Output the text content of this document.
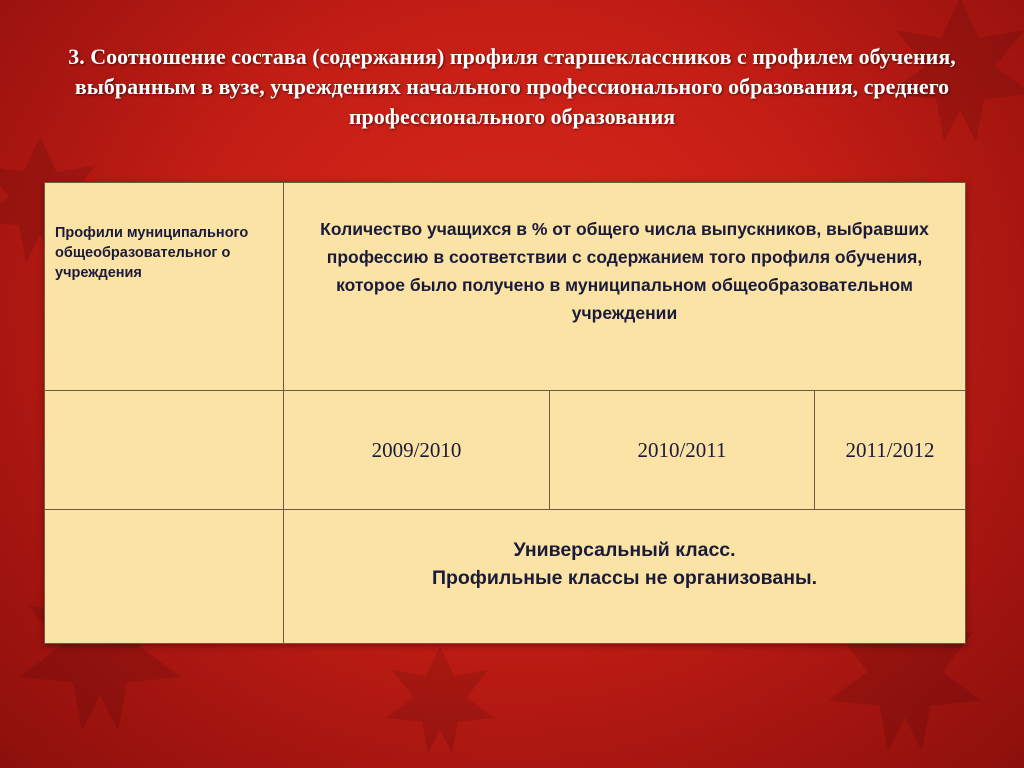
3. Соотношение состава (содержания) профиля старшеклассников с профилем обучения, выбранным в вузе, учреждениях начального профессионального образования, среднего профессионального образования
Профили муниципального общеобразовательног о учреждения	Количество учащихся в % от общего числа выпускников, выбравших профессию в соответствии с содержанием того профиля обучения, которое было получено в муниципальном общеобразовательном учреждении		
	2009/2010	2010/2011	2011/2012

	Универсальный класс.
Профильные классы не организованы.		
